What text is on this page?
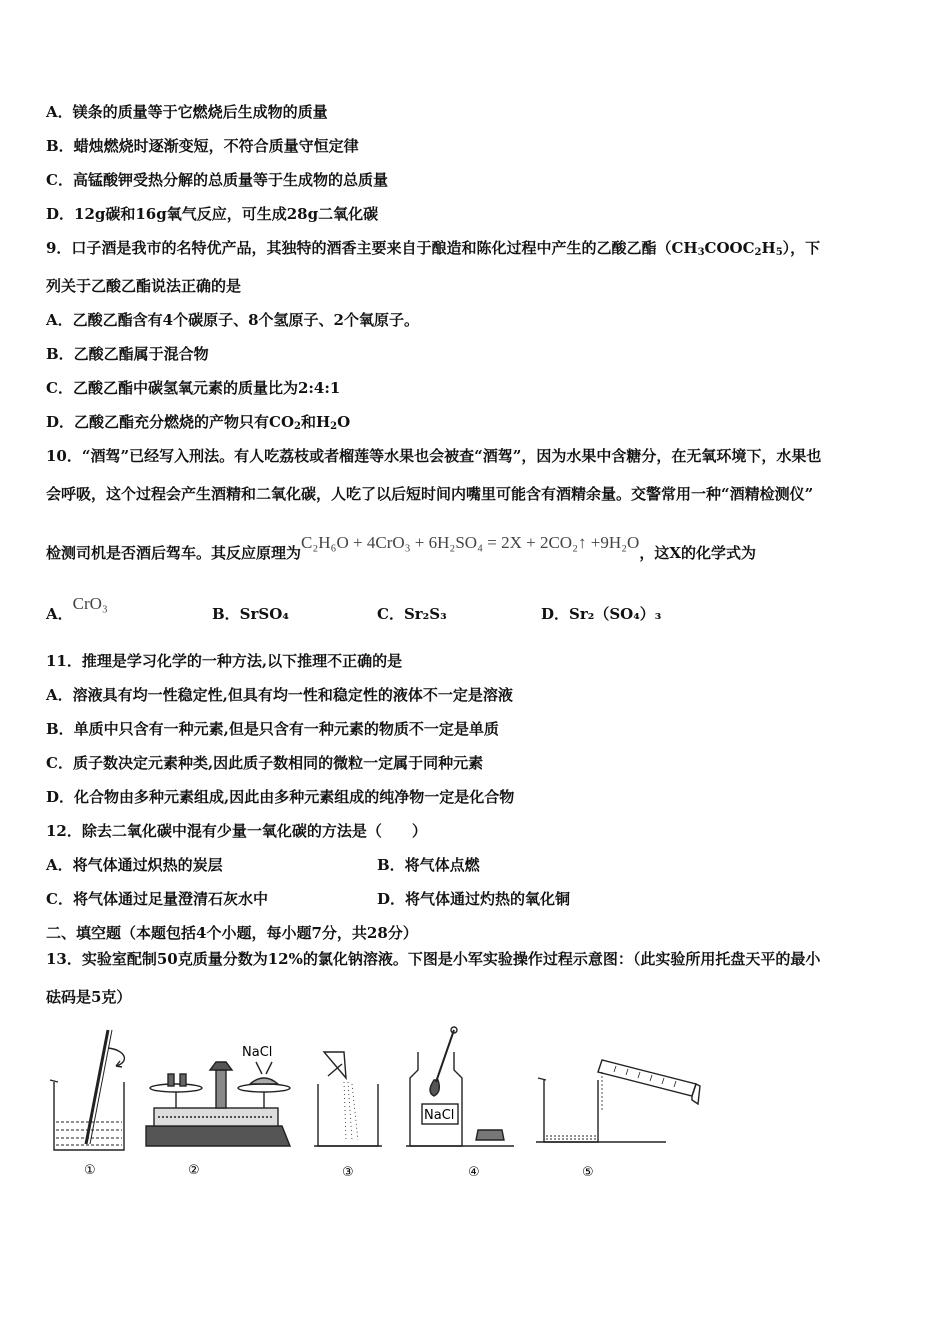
A．镁条的质量等于它燃烧后生成物的质量
B．蜡烛燃烧时逐渐变短，不符合质量守恒定律
C．高锰酸钾受热分解的总质量等于生成物的总质量
D．12g碳和16g氧气反应，可生成28g二氧化碳
9．口子酒是我市的名特优产品，其独特的酒香主要来自于酿造和陈化过程中产生的乙酸乙酯$(CH_3COOC_2H_5)$，下
列关于乙酸乙酯说法正确的是
A．乙酸乙酯含有4个碳原子、8个氢原子、2个氧原子。
B．乙酸乙酯属于混合物
C．乙酸乙酯中碳氢氧元素的质量比为2:4:1
D．乙酸乙酯充分燃烧的产物只有$CO_2$和$H_2O$
10．“酒驾”已经写入刑法。有人吃荔枝或者榴莲等水果也会被查“酒驾”，因为水果中含糖分，在无氧环境下，水果也
会呼吸，这个过程会产生酒精和二氧化碳，人吃了以后短时间内嘴里可能含有酒精余量。交警常用一种“酒精检测仪”
检测司机是否酒后驾车。其反应原理为C₂H₆O + 4CrO₃ + 6H₂SO₄ = 2X + 2CO₂↑ +9H₂O，这X的化学式为
A．CrO₃
B．SrSO₄	C．Sr₂S₃	D．Sr₂（SO₄）₃
11．推理是学习化学的一种方法,以下推理不正确的是
A．溶液具有均一性稳定性,但具有均一性和稳定性的液体不一定是溶液
B．单质中只含有一种元素,但是只含有一种元素的物质不一定是单质
C．质子数决定元素种类,因此质子数相同的微粒一定属于同种元素
D．化合物由多种元素组成,因此由多种元素组成的纯净物一定是化合物
12．除去二氧化碳中混有少量一氧化碳的方法是（　　）
A．将气体通过炽热的炭层	B．将气体点燃
C．将气体通过足量澄清石灰水中	D．将气体通过灼热的氧化铜
二、填空题（本题包括4个小题，每小题7分，共28分）
13．实验室配制50克质量分数为12%的氯化钠溶液。下图是小军实验操作过程示意图：（此实验所用托盘天平的最小
砝码是5克）
NaCl
NaCl
①	②	③	④	⑤
